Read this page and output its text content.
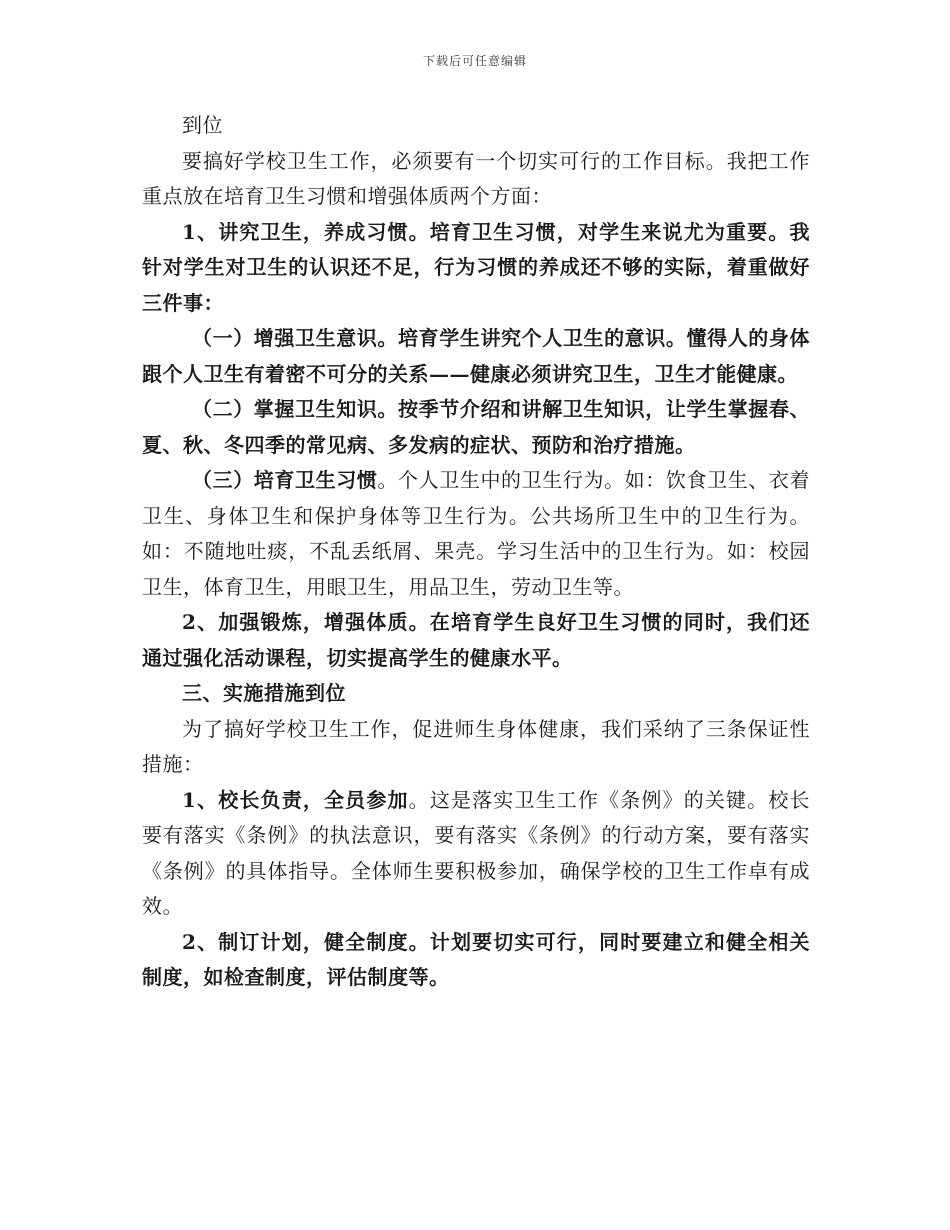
下载后可任意编辑

到位

要搞好学校卫生工作，必须要有一个切实可行的工作目标。我把工作重点放在培育卫生习惯和增强体质两个方面：

1、讲究卫生，养成习惯。培育卫生习惯，对学生来说尤为重要。我针对学生对卫生的认识还不足，行为习惯的养成还不够的实际，着重做好三件事：

（一）增强卫生意识。培育学生讲究个人卫生的意识。懂得人的身体跟个人卫生有着密不可分的关系——健康必须讲究卫生，卫生才能健康。

（二）掌握卫生知识。按季节介绍和讲解卫生知识，让学生掌握春、夏、秋、冬四季的常见病、多发病的症状、预防和治疗措施。

（三）培育卫生习惯。个人卫生中的卫生行为。如：饮食卫生、衣着卫生、身体卫生和保护身体等卫生行为。公共场所卫生中的卫生行为。如：不随地吐痰，不乱丢纸屑、果壳。学习生活中的卫生行为。如：校园卫生，体育卫生，用眼卫生，用品卫生，劳动卫生等。

2、加强锻炼，增强体质。在培育学生良好卫生习惯的同时，我们还通过强化活动课程，切实提高学生的健康水平。

三、实施措施到位

为了搞好学校卫生工作，促进师生身体健康，我们采纳了三条保证性措施：

1、校长负责，全员参加。这是落实卫生工作《条例》的关键。校长要有落实《条例》的执法意识，要有落实《条例》的行动方案，要有落实《条例》的具体指导。全体师生要积极参加，确保学校的卫生工作卓有成效。

2、制订计划，健全制度。计划要切实可行，同时要建立和健全相关制度，如检查制度，评估制度等。
